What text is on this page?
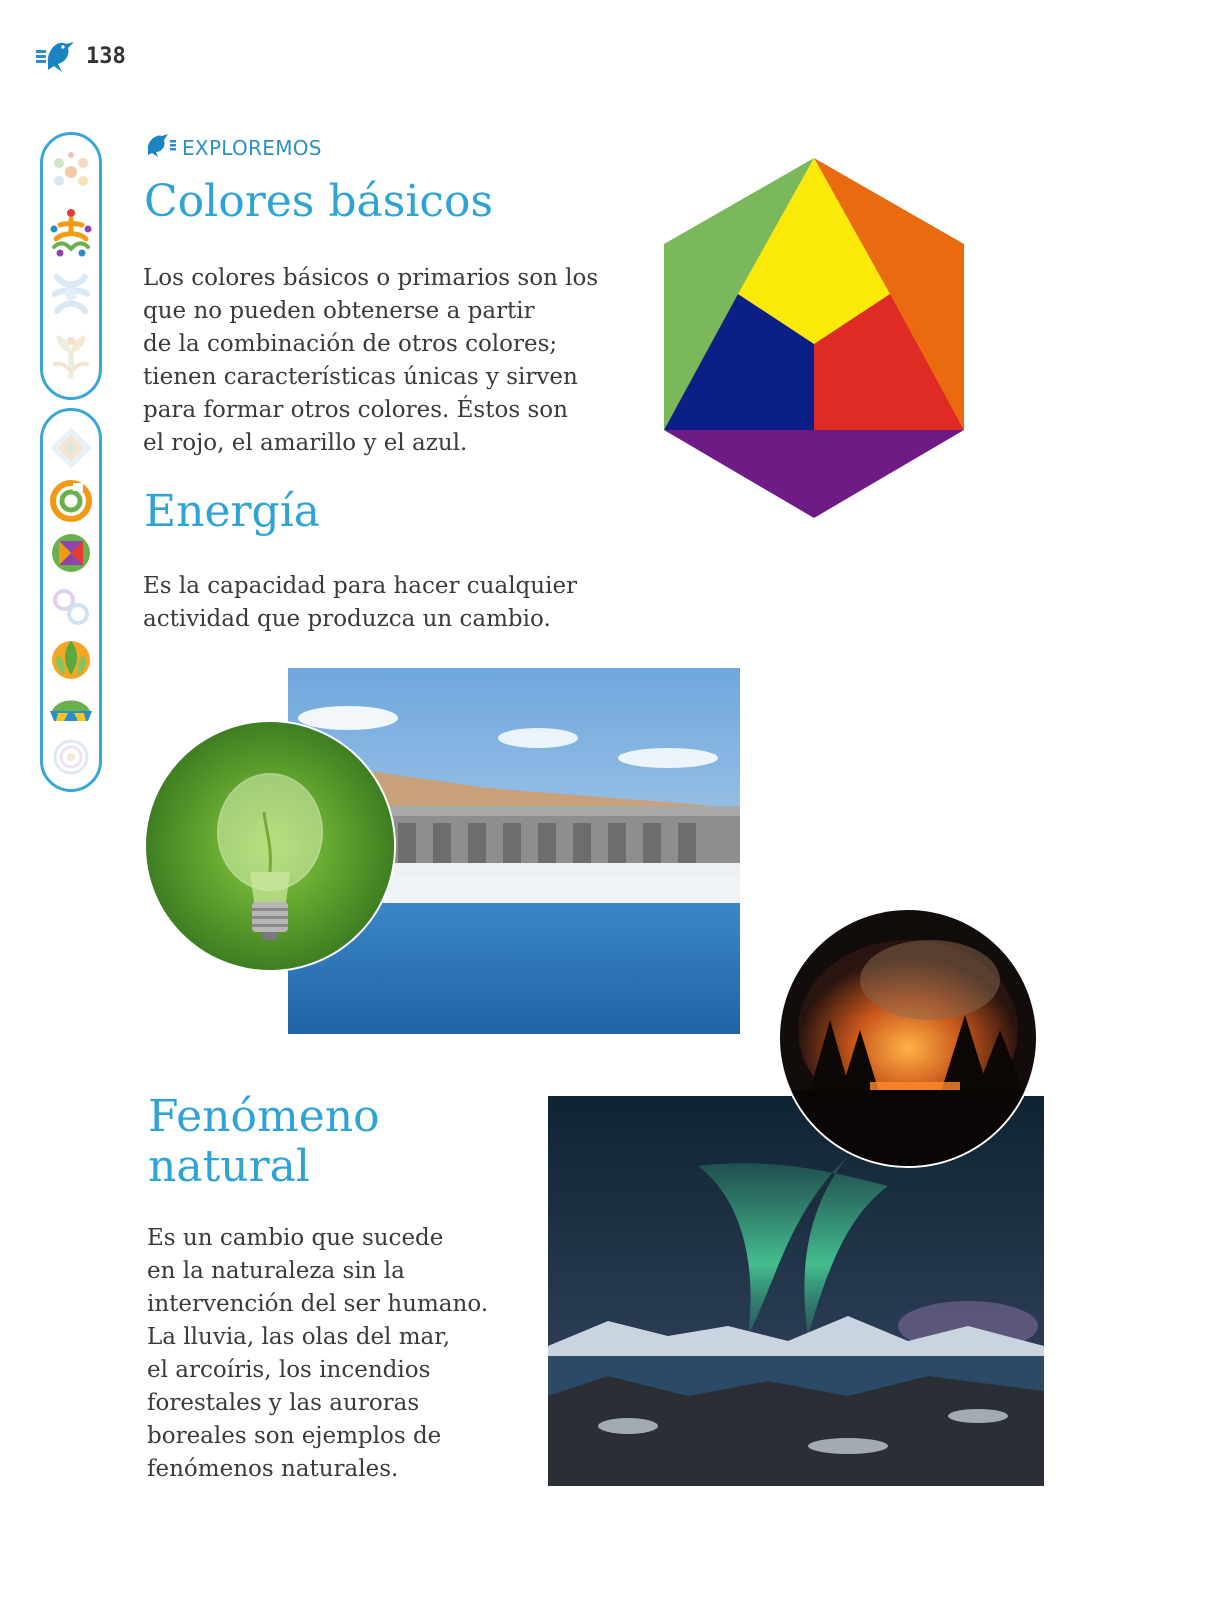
138
EXPLOREMOS
Colores básicos
Los colores básicos o primarios son los
que no pueden obtenerse a partir
de la combinación de otros colores;
tienen características únicas y sirven
para formar otros colores. Éstos son
el rojo, el amarillo y el azul.
Energía
Es la capacidad para hacer cualquier
actividad que produzca un cambio.
Fenómeno
natural
Es un cambio que sucede
en la naturaleza sin la
intervención del ser humano.
La lluvia, las olas del mar,
el arcoíris, los incendios
forestales y las auroras
boreales son ejemplos de
fenómenos naturales.
